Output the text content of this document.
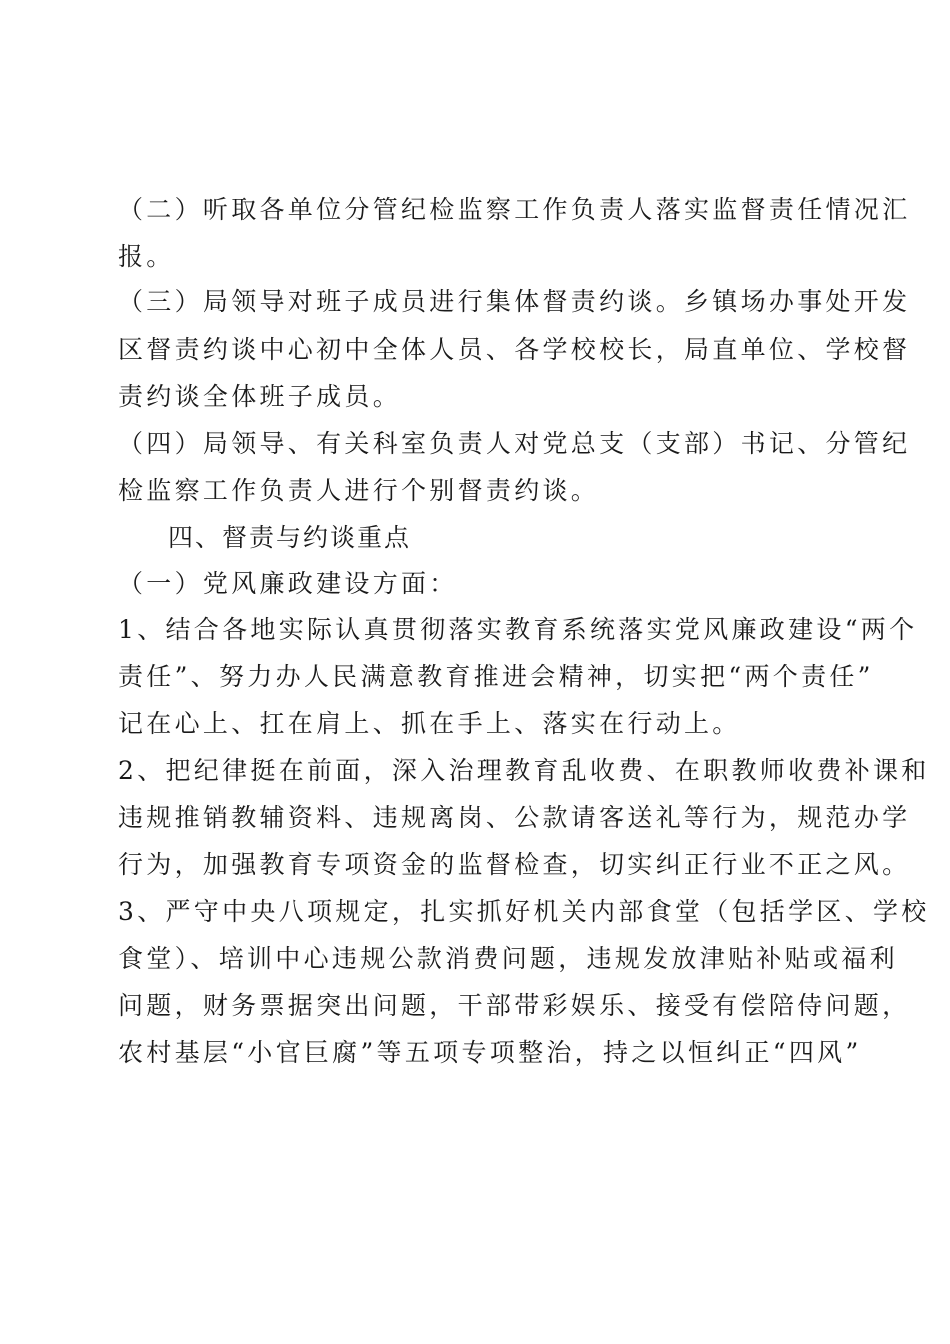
（二）听取各单位分管纪检监察工作负责人落实监督责任情况汇
报。
（三）局领导对班子成员进行集体督责约谈。乡镇场办事处开发
区督责约谈中心初中全体人员、各学校校长，局直单位、学校督
责约谈全体班子成员。
（四）局领导、有关科室负责人对党总支（支部）书记、分管纪
检监察工作负责人进行个别督责约谈。
四、督责与约谈重点
（一）党风廉政建设方面：
1、结合各地实际认真贯彻落实教育系统落实党风廉政建设“两个
责任”、努力办人民满意教育推进会精神，切实把“两个责任”
记在心上、扛在肩上、抓在手上、落实在行动上。
2、把纪律挺在前面，深入治理教育乱收费、在职教师收费补课和
违规推销教辅资料、违规离岗、公款请客送礼等行为，规范办学
行为，加强教育专项资金的监督检查，切实纠正行业不正之风。
3、严守中央八项规定，扎实抓好机关内部食堂（包括学区、学校
食堂）、培训中心违规公款消费问题，违规发放津贴补贴或福利
问题，财务票据突出问题，干部带彩娱乐、接受有偿陪侍问题，
农村基层“小官巨腐”等五项专项整治，持之以恒纠正“四风”
